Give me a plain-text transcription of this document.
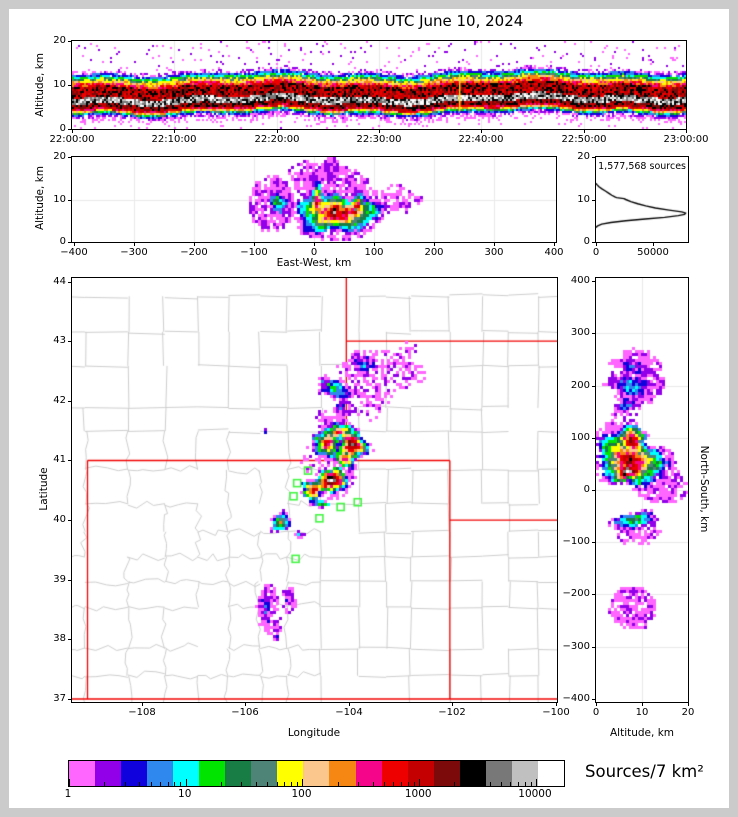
CO LMA 2200-2300 UTC June 10, 2024
Altitude, km
Altitude, km
East-West, km
1,577,568 sources
Latitude
Longitude	Altitude, km
North-South, km
Sources/7 km²
22:00:00	22:10:00	22:20:00	22:30:00	22:40:00	22:50:00	23:00:00
0
10
20
−400	−300	−200	−100	0	100	200	300	400
0
10
20
0	50000
0
10
20
−108	−106	−104	−102	−100
37
38
39
40
41
42
43
44
0	10	20
400
300
200
100
0
−100
−200
−300
−400
1	10	100	1000	10000
